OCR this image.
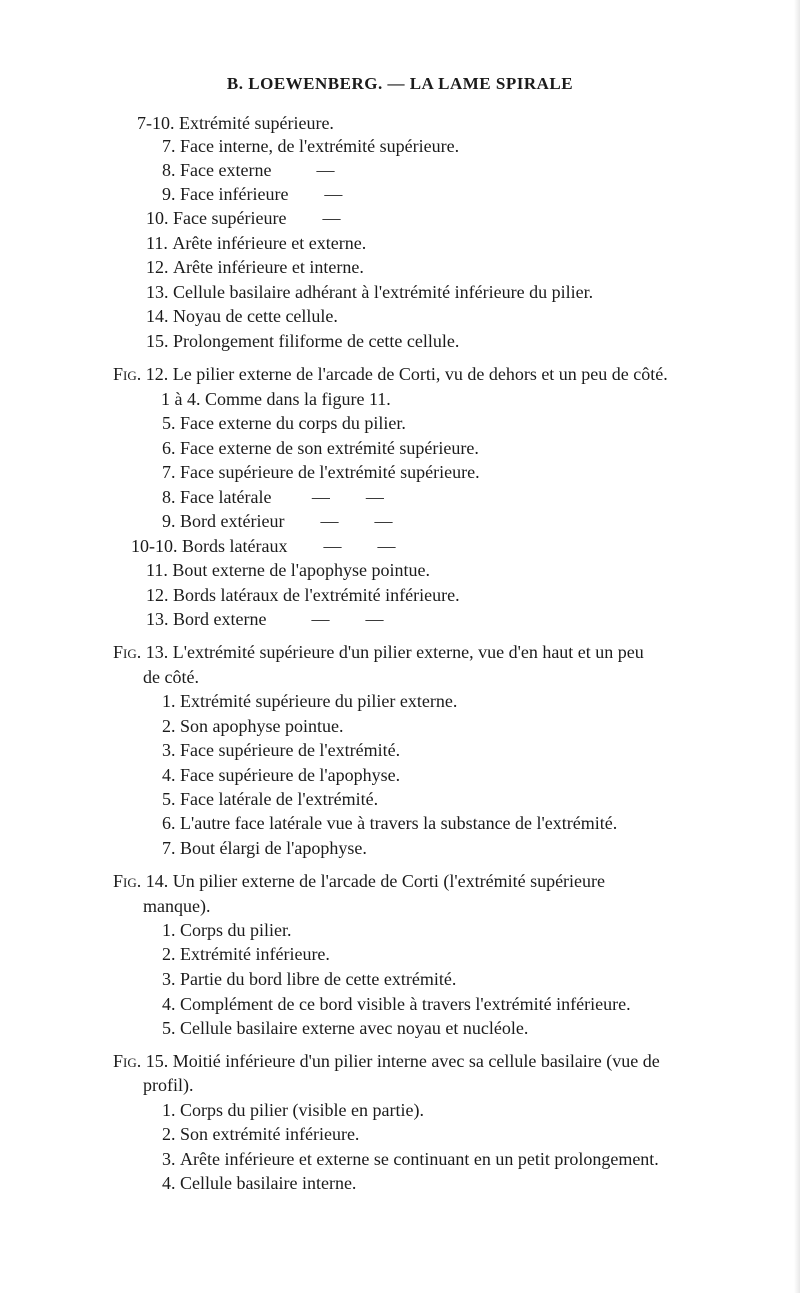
B. LOEWENBERG. — LA LAME SPIRALE
7-10. Extrémité supérieure.
7. Face interne, de l'extrémité supérieure.
8. Face externe          —
9. Face inférieure        —
10. Face supérieure        —
11. Arête inférieure et externe.
12. Arête inférieure et interne.
13. Cellule basilaire adhérant à l'extrémité inférieure du pilier.
14. Noyau de cette cellule.
15. Prolongement filiforme de cette cellule.
Fig. 12. Le pilier externe de l'arcade de Corti, vu de dehors et un peu de côté.
1 à 4. Comme dans la figure 11.
5. Face externe du corps du pilier.
6. Face externe de son extrémité supérieure.
7. Face supérieure de l'extrémité supérieure.
8. Face latérale         —        —
9. Bord extérieur        —        —
10-10. Bords latéraux        —        —
11. Bout externe de l'apophyse pointue.
12. Bords latéraux de l'extrémité inférieure.
13. Bord externe          —        —
Fig. 13. L'extrémité supérieure d'un pilier externe, vue d'en haut et un peu
de côté.
1. Extrémité supérieure du pilier externe.
2. Son apophyse pointue.
3. Face supérieure de l'extrémité.
4. Face supérieure de l'apophyse.
5. Face latérale de l'extrémité.
6. L'autre face latérale vue à travers la substance de l'extrémité.
7. Bout élargi de l'apophyse.
Fig. 14. Un pilier externe de l'arcade de Corti (l'extrémité supérieure
manque).
1. Corps du pilier.
2. Extrémité inférieure.
3. Partie du bord libre de cette extrémité.
4. Complément de ce bord visible à travers l'extrémité inférieure.
5. Cellule basilaire externe avec noyau et nucléole.
Fig. 15. Moitié inférieure d'un pilier interne avec sa cellule basilaire (vue de
profil).
1. Corps du pilier (visible en partie).
2. Son extrémité inférieure.
3. Arête inférieure et externe se continuant en un petit prolongement.
4. Cellule basilaire interne.
